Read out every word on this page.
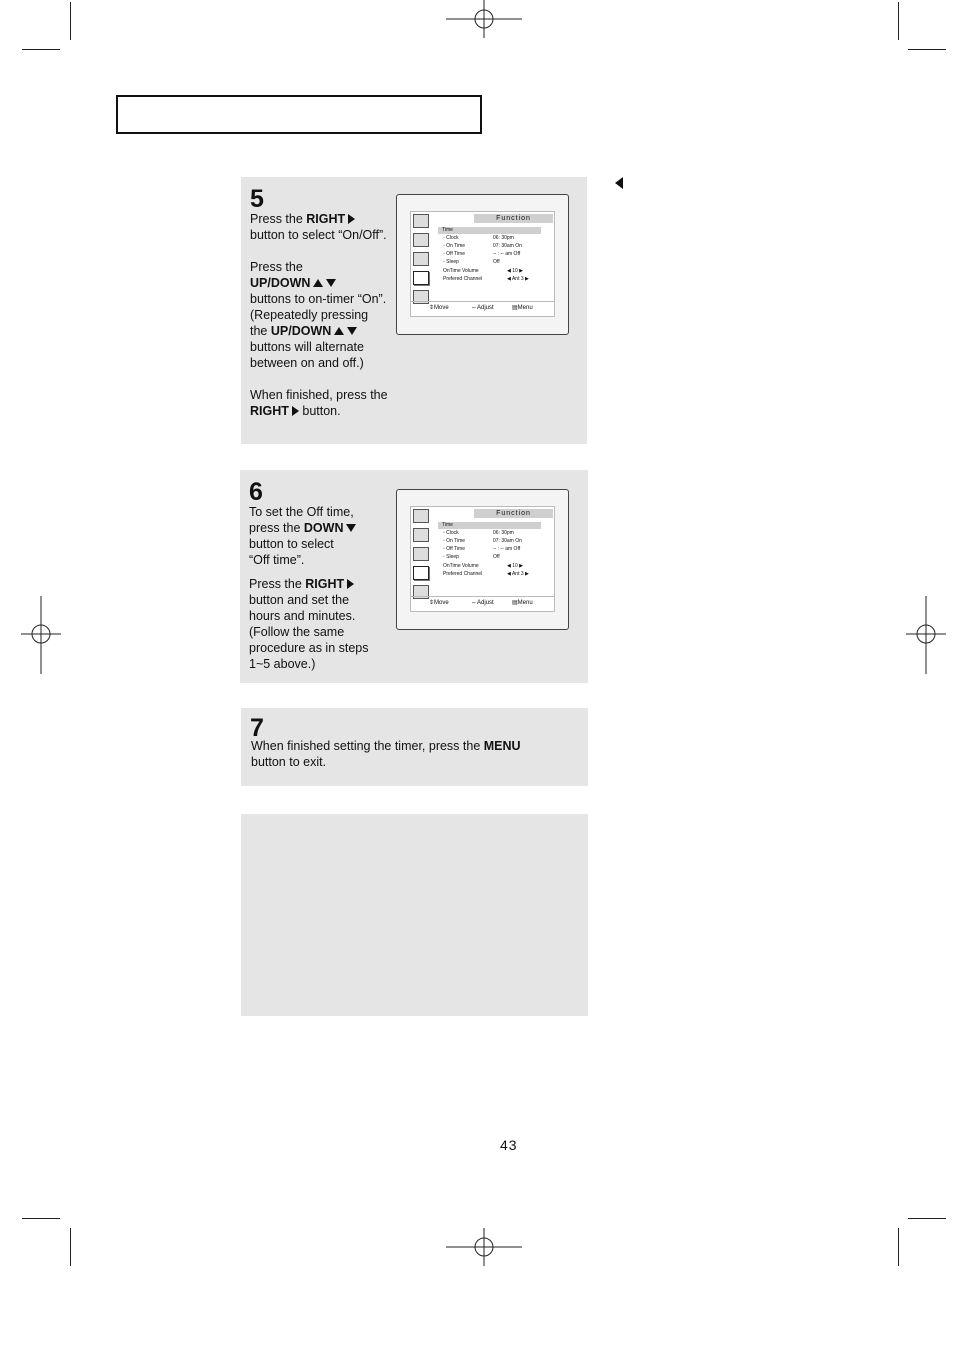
5
Press the RIGHT
button to select “On/Off”.

Press the
UP/DOWN
buttons to on-timer “On”.
(Repeatedly pressing
the UP/DOWN
buttons will alternate
between on and off.)

When finished, press the
RIGHT button.
Function
Time
◦ Clock	06: 30pm
◦ On Time	07: 30am On
◦ Off Time	-- : -- am Off
◦ Sleep	Off
OnTime Volume	◀ 10 ▶
Prefered Channel	◀ Ant 3 ▶
⇕ Move	⇔ Adjust	▤ Menu
6
To set the Off time,
press the DOWN
button to select
“Off time”.
Press the RIGHT
button and set the
hours and minutes.
(Follow the same
procedure as in steps
1~5 above.)
Function
Time
◦ Clock	06: 30pm
◦ On Time	07: 30am On
◦ Off Time	-- : -- am Off
◦ Sleep	Off
OnTime Volume	◀ 10 ▶
Prefered Channel	◀ Ant 3 ▶
⇕ Move	⇔ Adjust	▤ Menu
7
When finished setting the timer, press the MENU
button to exit.
43
